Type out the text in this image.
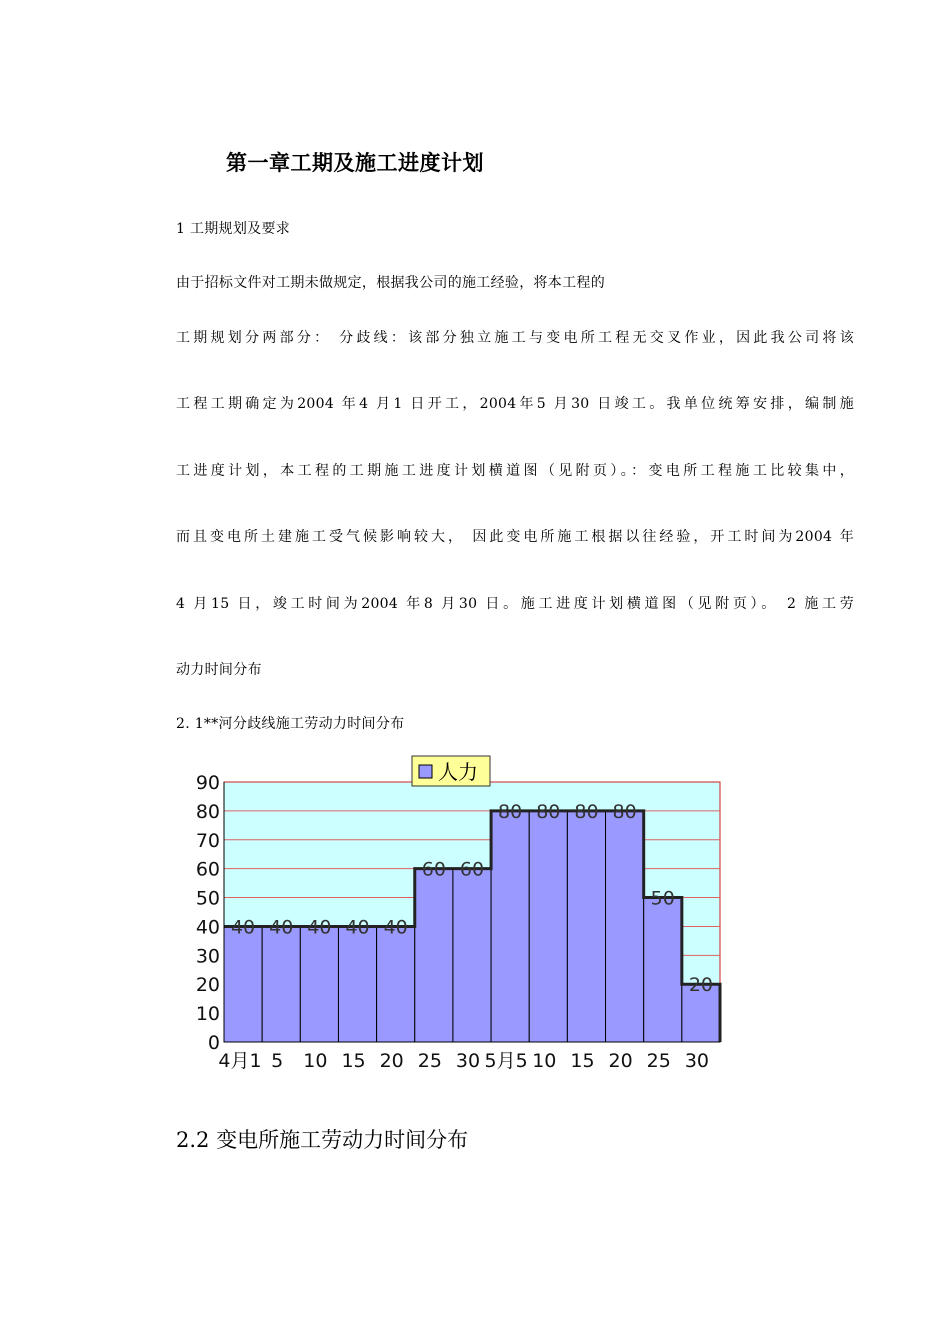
第一章工期及施工进度计划
1 工期规划及要求
由于招标文件对工期未做规定，根据我公司的施工经验，将本工程的
工期规划分两部分： 分歧线：该部分独立施工与变电所工程无交叉作业，因此我公司将该
工程工期确定为2004 年4 月1 日开工，2004年5 月30 日竣工。我单位统筹安排，编制施
工进度计划，本工程的工期施工进度计划横道图（见附页）。：变电所工程施工比较集中，
而且变电所土建施工受气候影响较大， 因此变电所施工根据以往经验，开工时间为2004 年
4 月15 日，竣工时间为2004 年8 月30 日。施工进度计划横道图（见附页）。 2 施工劳
动力时间分布
2. 1**河分歧线施工劳动力时间分布
0
10
20
30
40
50
60
70
80
90
40 40 40 40 40
60 60
80 80 80 80
50
20
4月1 5 10 15 20 25 30 5月5 10 15 20 25 30
人力
2.2 变电所施工劳动力时间分布
